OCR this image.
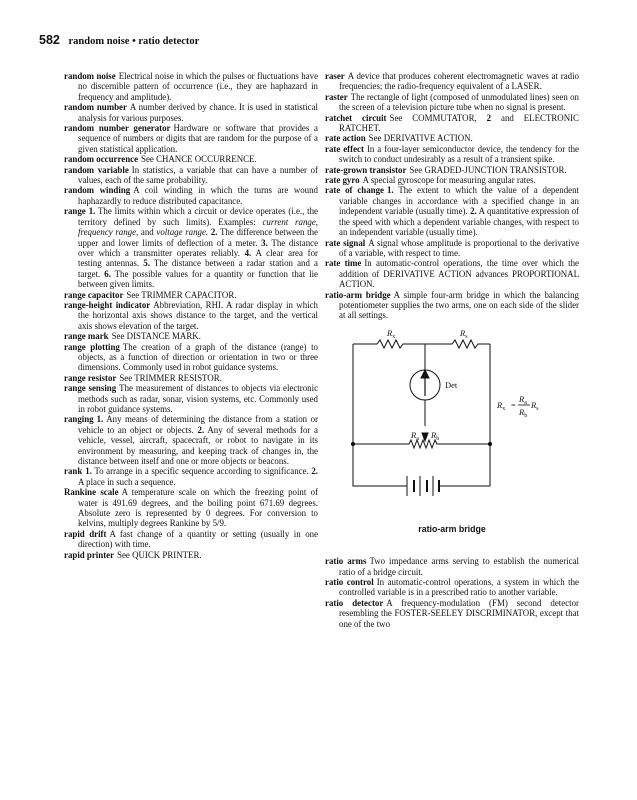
582 random noise • ratio detector

random noise Electrical noise in which the pulses or fluctuations have no discernible pattern of occurrence (i.e., they are haphazard in frequency and amplitude).

random number A number derived by chance. It is used in statistical analysis for various purposes.

random number generator Hardware or software that provides a sequence of numbers or digits that are random for the purpose of a given statistical application.

random occurrence See CHANCE OCCURRENCE.

random variable In statistics, a variable that can have a number of values, each of the same probability.

random winding A coil winding in which the turns are wound haphazardly to reduce distributed capacitance.

range 1. The limits within which a circuit or device operates (i.e., the territory defined by such limits). Examples: current range, frequency range, and voltage range. 2. The difference between the upper and lower limits of deflection of a meter. 3. The distance over which a transmitter operates reliably. 4. A clear area for testing antennas. 5. The distance between a radar station and a target. 6. The possible values for a quantity or function that lie between given limits.

range capacitor See TRIMMER CAPACITOR.

range-height indicator Abbreviation, RHI. A radar display in which the horizontal axis shows distance to the target, and the vertical axis shows elevation of the target.

range mark See DISTANCE MARK.

range plotting The creation of a graph of the distance (range) to objects, as a function of direction or orientation in two or three dimensions. Commonly used in robot guidance systems.

range resistor See TRIMMER RESISTOR.

range sensing The measurement of distances to objects via electronic methods such as radar, sonar, vision systems, etc. Commonly used in robot guidance systems.

ranging 1. Any means of determining the distance from a station or vehicle to an object or objects. 2. Any of several methods for a vehicle, vessel, aircraft, spacecraft, or robot to navigate in its environment by measuring, and keeping track of changes in, the distance between itself and one or more objects or beacons.

rank 1. To arrange in a specific sequence according to significance. 2. A place in such a sequence.

Rankine scale A temperature scale on which the freezing point of water is 491.69 degrees, and the boiling point 671.69 degrees. Absolute zero is represented by 0 degrees. For conversion to kelvins, multiply degrees Rankine by 5/9.

rapid drift A fast change of a quantity or setting (usually in one direction) with time.

rapid printer See QUICK PRINTER.

raser A device that produces coherent electromagnetic waves at radio frequencies; the radio-frequency equivalent of a LASER.

raster The rectangle of light (composed of unmodulated lines) seen on the screen of a television picture tube when no signal is present.

ratchet circuit See COMMUTATOR, 2 and ELECTRONIC RATCHET.

rate action See DERIVATIVE ACTION.

rate effect In a four-layer semiconductor device, the tendency for the switch to conduct undesirably as a result of a transient spike.

rate-grown transistor See GRADED-JUNCTION TRANSISTOR.

rate gyro A special gyroscope for measuring angular rates.

rate of change 1. The extent to which the value of a dependent variable changes in accordance with a specified change in an independent variable (usually time). 2. A quantitative expression of the speed with which a dependent variable changes, with respect to an independent variable (usually time).

rate signal A signal whose amplitude is proportional to the derivative of a variable, with respect to time.

rate time In automatic-control operations, the time over which the addition of DERIVATIVE ACTION advances PROPORTIONAL ACTION.

ratio-arm bridge A simple four-arm bridge in which the balancing potentiometer supplies the two arms, one on each side of the slider at all settings.

$R_x$	$R_s$
Det
$R_a$ $R_b$
$R_x$ =
$R_a$
$R_b$
$R_s$
ratio-arm bridge

ratio arms Two impedance arms serving to establish the numerical ratio of a bridge circuit.

ratio control In automatic-control operations, a system in which the controlled variable is in a prescribed ratio to another variable.

ratio detector A frequency-modulation (FM) second detector resembling the FOSTER-SEELEY DISCRIMINATOR, except that one of the two
